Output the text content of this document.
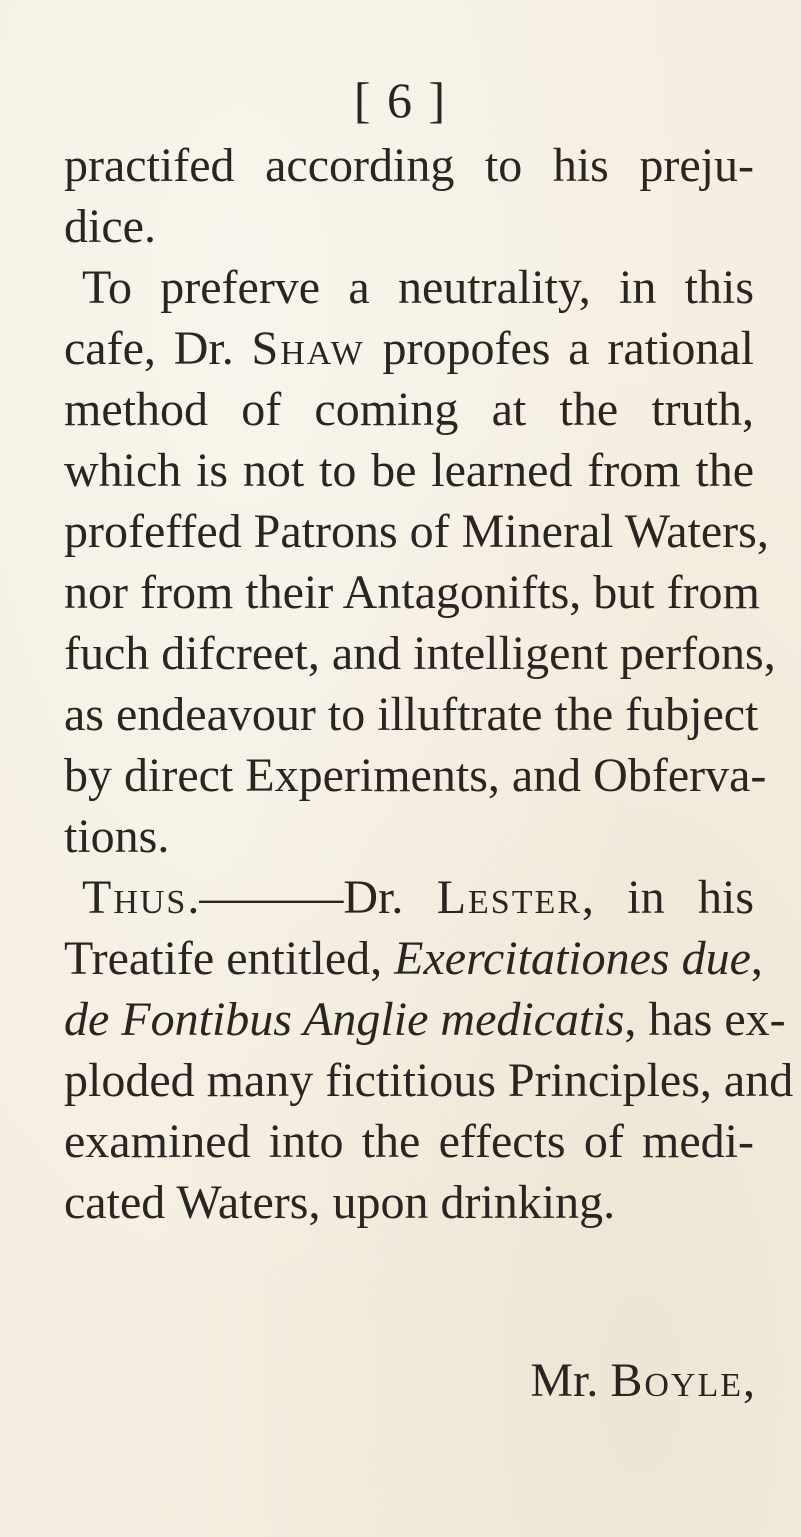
[ 6 ]
practifed according to his preju-
dice.
To preferve a neutrality, in this
cafe, Dr. Shaw propofes a rational
method of coming at the truth,
which is not to be learned from the
profeffed Patrons of Mineral Waters,
nor from their Antagonifts, but from
fuch difcreet, and intelligent perfons,
as endeavour to illuftrate the fubject
by direct Experiments, and Obferva-
tions.
Thus.––––––Dr. Lester, in his
Treatife entitled, Exercitationes due,
de Fontibus Anglie medicatis, has ex-
ploded many fictitious Principles, and
examined into the effects of medi-
cated Waters, upon drinking.
Mr. Boyle,
